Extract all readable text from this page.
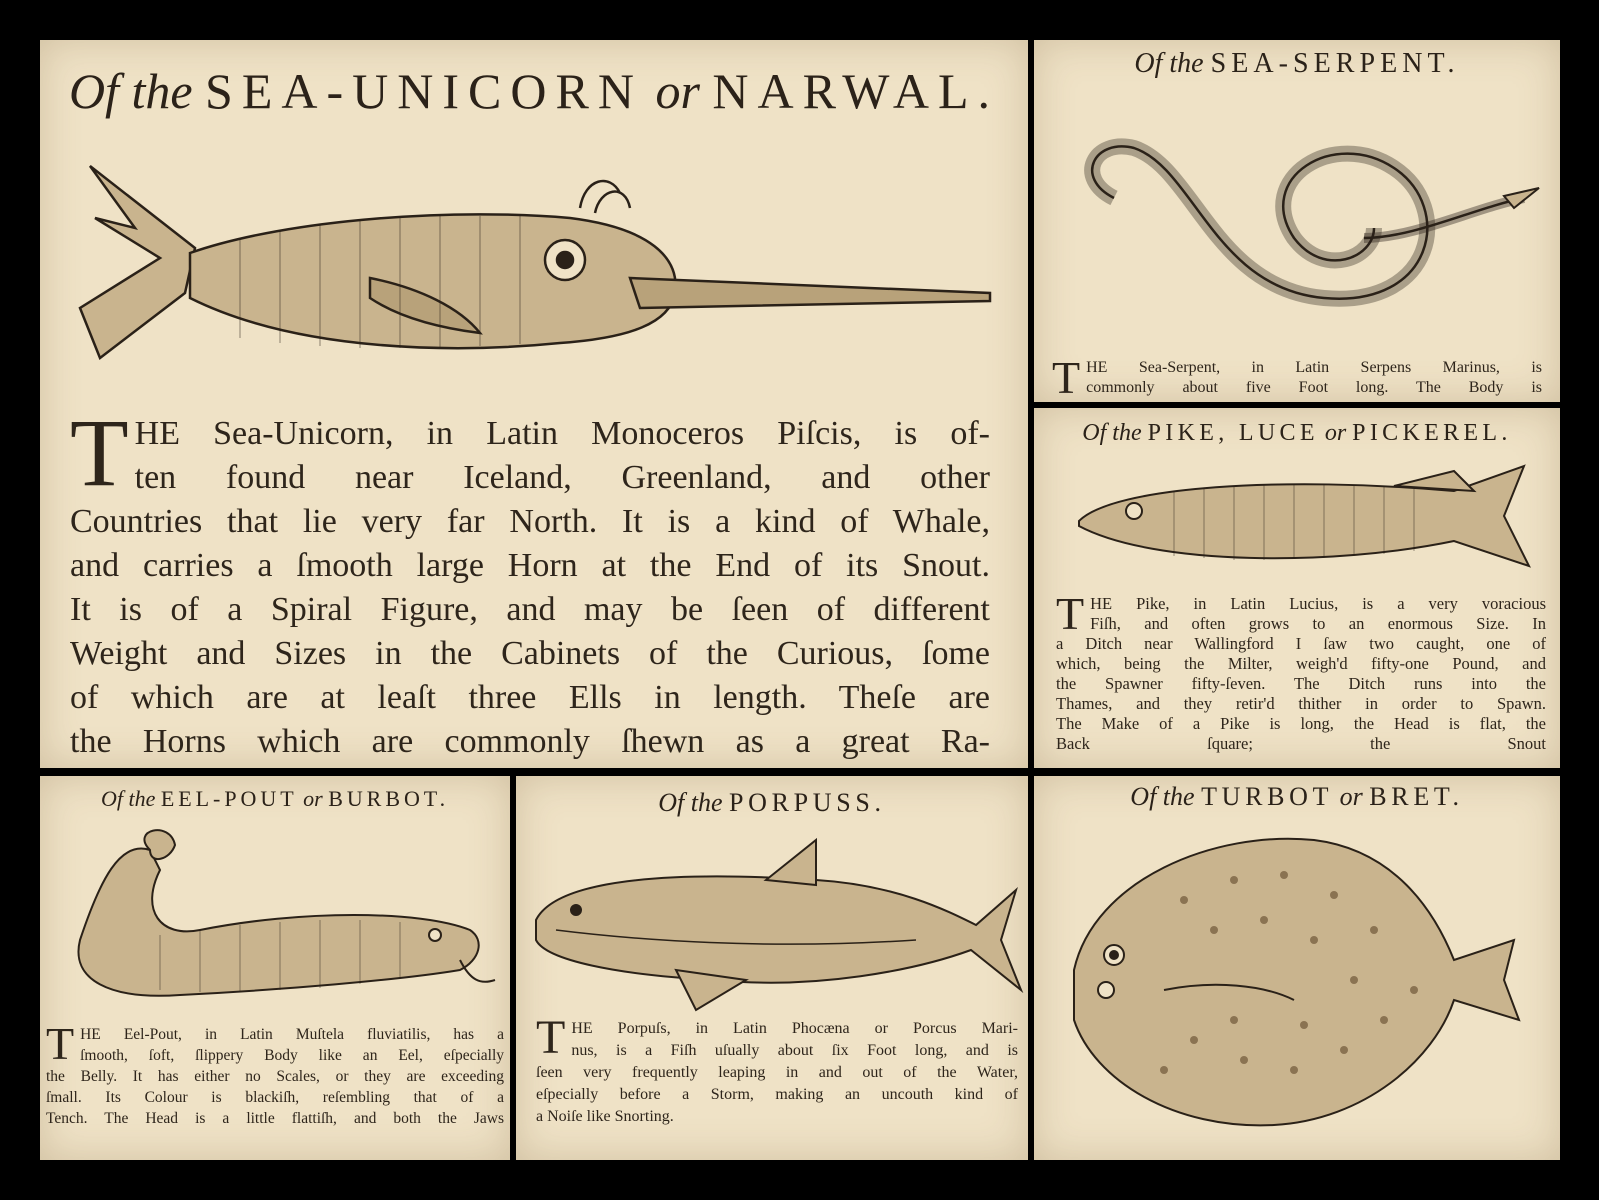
Of the SEA-UNICORN or NARWAL.
T HE Sea-Unicorn, in Latin Monoceros Piſcis, is of-
ten found near Iceland, Greenland, and other
Countries that lie very far North. It is a kind of Whale,
and carries a ſmooth large Horn at the End of its Snout.
It is of a Spiral Figure, and may be ſeen of different
Weight and Sizes in the Cabinets of the Curious, ſome
of which are at leaſt three Ells in length. Theſe are
the Horns which are commonly ſhewn as a great Ra-
Of the SEA-SERPENT.
T HE Sea-Serpent, in Latin Serpens Marinus, is
commonly about five Foot long. The Body is
Of the PIKE, LUCE or PICKEREL.
T HE Pike, in Latin Lucius, is a very voracious
Fiſh, and often grows to an enormous Size. In
a Ditch near Wallingford I ſaw two caught, one of
which, being the Milter, weigh'd fifty-one Pound, and
the Spawner fifty-ſeven. The Ditch runs into the
Thames, and they retir'd thither in order to Spawn.
The Make of a Pike is long, the Head is flat, the
Back ſquare; the Snout
Of the EEL-POUT or BURBOT.
T HE Eel-Pout, in Latin Muſtela fluviatilis, has a
ſmooth, ſoft, ſlippery Body like an Eel, eſpecially
the Belly. It has either no Scales, or they are exceeding
ſmall. Its Colour is blackiſh, reſembling that of a
Tench. The Head is a little flattiſh, and both the Jaws
Of the PORPUSS.
T HE Porpuſs, in Latin Phocæna or Porcus Mari-
nus, is a Fiſh uſually about ſix Foot long, and is
ſeen very frequently leaping in and out of the Water,
eſpecially before a Storm, making an uncouth kind of
a Noiſe like Snorting.
Of the TURBOT or BRET.
